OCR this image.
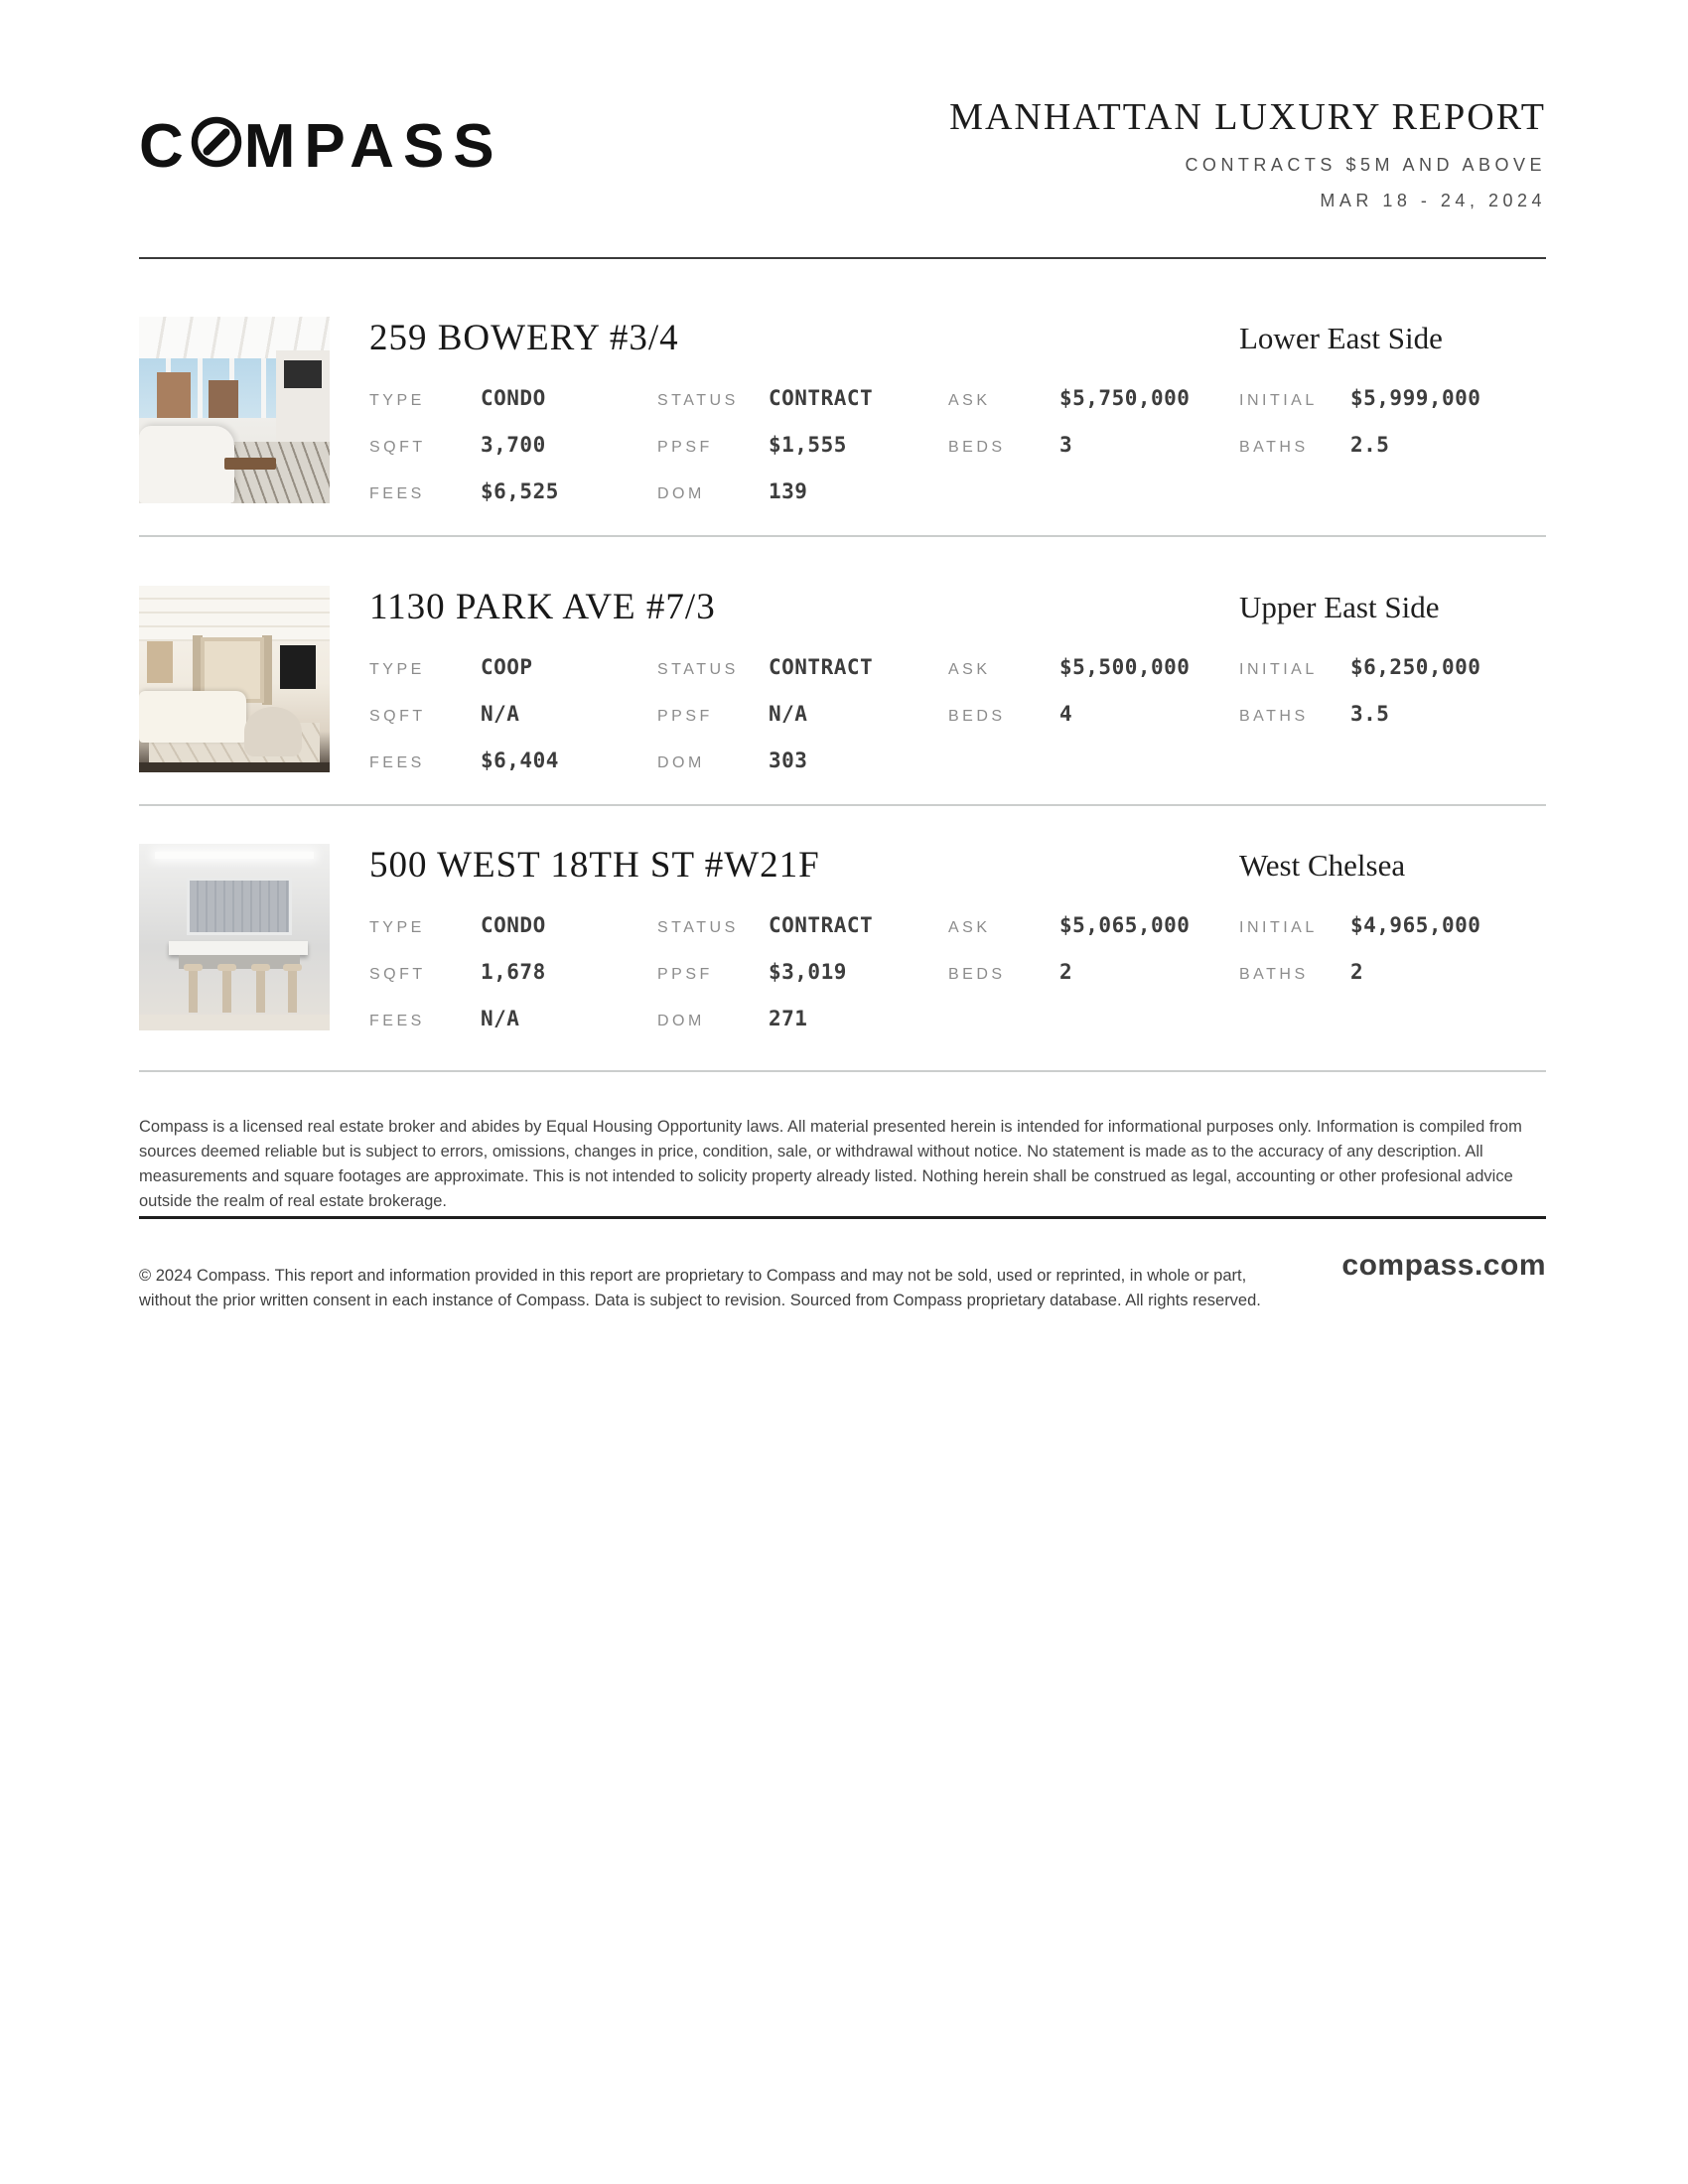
C MPASS	MANHATTAN LUXURY REPORT
CONTRACTS $5M AND ABOVE
MAR 18 - 24, 2024
259 BOWERY #3/4	Lower East Side
TYPE	CONDO	STATUS CONTRACT	ASK	$5,750,000	INITIAL $5,999,000
SQFT	3,700	PPSF	$1,555	BEDS	3	BATHS 2.5
FEES	$6,525	DOM	139
1130 PARK AVE #7/3	Upper East Side
TYPE	COOP	STATUS CONTRACT	ASK	$5,500,000	INITIAL $6,250,000
SQFT	N/A	PPSF	N/A	BEDS	4	BATHS 3.5
FEES	$6,404	DOM	303
500 WEST 18TH ST #W21F	West Chelsea
TYPE	CONDO	STATUS CONTRACT	ASK	$5,065,000	INITIAL $4,965,000
SQFT	1,678	PPSF	$3,019	BEDS	2	BATHS 2
FEES	N/A	DOM	271

Compass is a licensed real estate broker and abides by Equal Housing Opportunity laws. All material presented herein is intended for informational purposes only. Information is compiled from sources deemed reliable but is subject to errors, omissions, changes in price, condition, sale, or withdrawal without notice. No statement is made as to the accuracy of any description. All measurements and square footages are approximate. This is not intended to solicity property already listed. Nothing herein shall be construed as legal, accounting or other profesional advice outside the realm of real estate brokerage.

© 2024 Compass. This report and information provided in this report are proprietary to Compass and may not be sold, used or reprinted, in whole or part, without the prior written consent in each instance of Compass. Data is subject to revision. Sourced from Compass proprietary database. All rights reserved.

compass.com
